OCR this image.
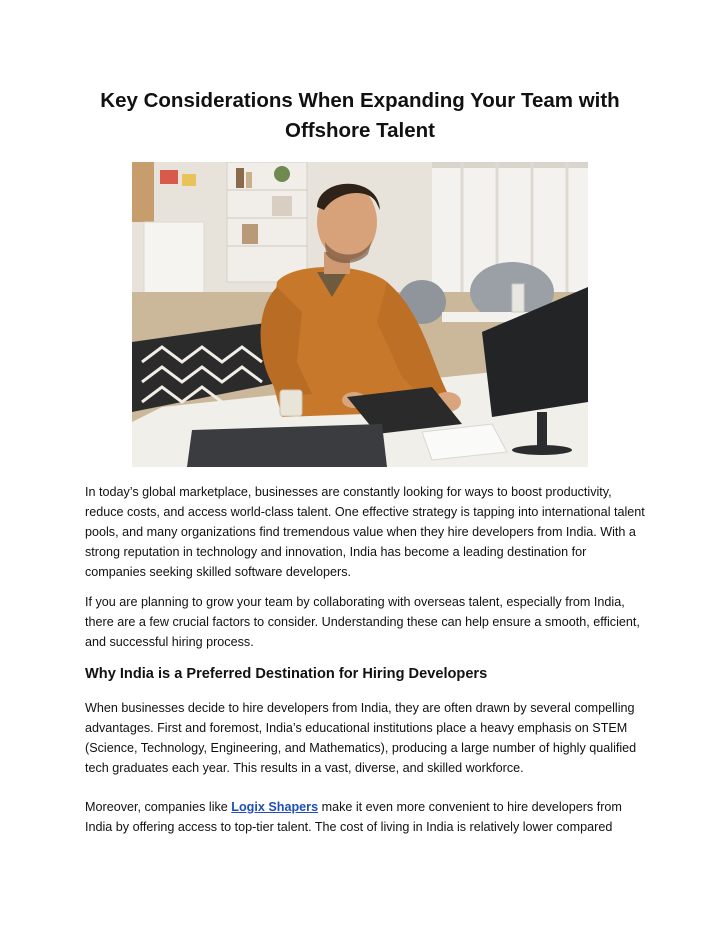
Key Considerations When Expanding Your Team with
Offshore Talent
In today’s global marketplace, businesses are constantly looking for ways to boost productivity, reduce costs, and access world-class talent. One effective strategy is tapping into international talent pools, and many organizations find tremendous value when they hire developers from India. With a strong reputation in technology and innovation, India has become a leading destination for companies seeking skilled software developers.
If you are planning to grow your team by collaborating with overseas talent, especially from India, there are a few crucial factors to consider. Understanding these can help ensure a smooth, efficient, and successful hiring process.
Why India is a Preferred Destination for Hiring Developers
When businesses decide to hire developers from India, they are often drawn by several compelling advantages. First and foremost, India’s educational institutions place a heavy emphasis on STEM (Science, Technology, Engineering, and Mathematics), producing a large number of highly qualified tech graduates each year. This results in a vast, diverse, and skilled workforce.
Moreover, companies like Logix Shapers make it even more convenient to hire developers from India by offering access to top-tier talent. The cost of living in India is relatively lower compared
